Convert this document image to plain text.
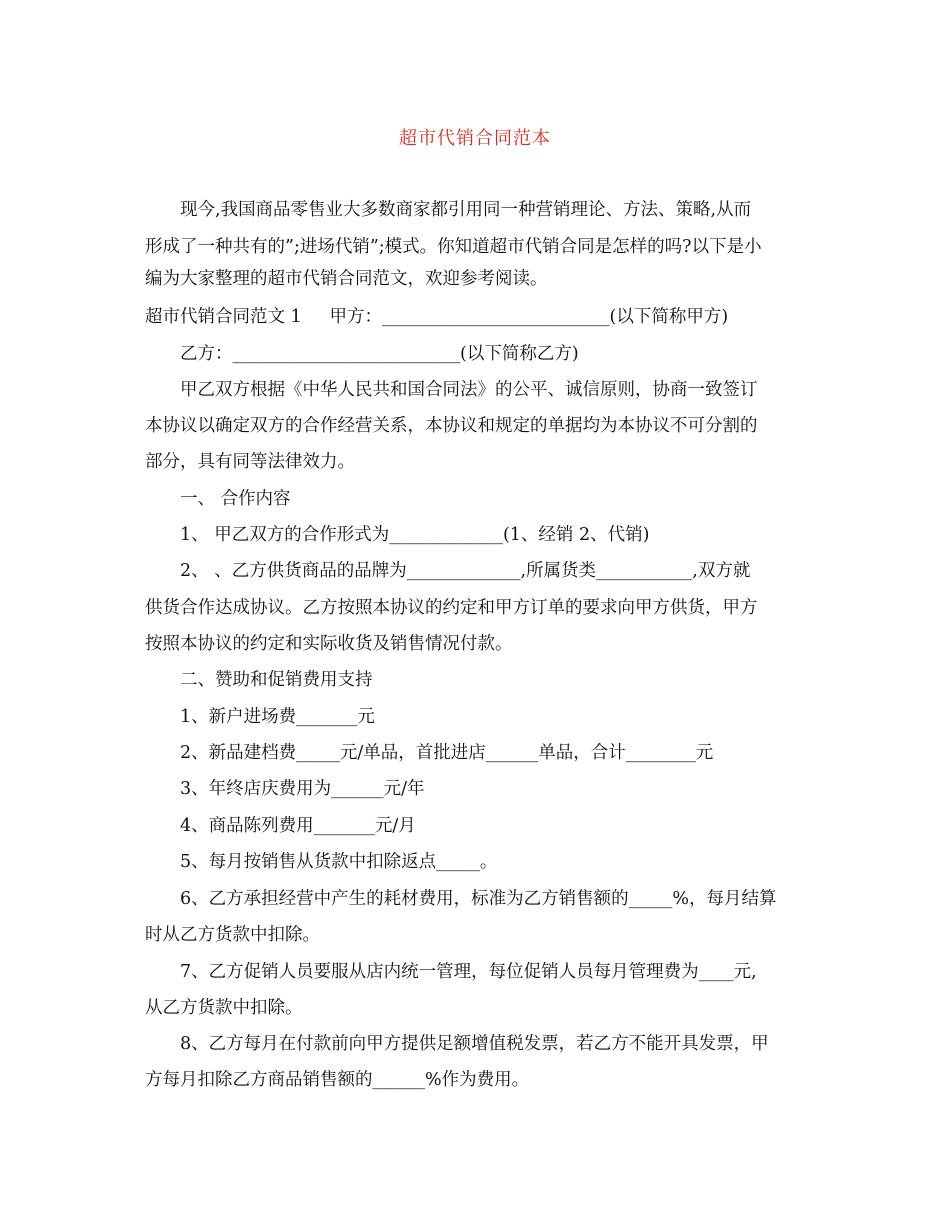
超市代销合同范本
现今,我国商品零售业大多数商家都引用同一种营销理论、方法、策略,从而
形成了一种共有的”;进场代销”;模式。你知道超市代销合同是怎样的吗?以下是小
编为大家整理的超市代销合同范文，欢迎参考阅读。
超市代销合同范文 1     甲方：__________________________(以下简称甲方)
乙方：__________________________(以下简称乙方)
甲乙双方根据《中华人民共和国合同法》的公平、诚信原则，协商一致签订
本协议以确定双方的合作经营关系，本协议和规定的单据均为本协议不可分割的
部分，具有同等法律效力。
一、 合作内容
1、 甲乙双方的合作形式为_____________(1、经销 2、代销)
2、 、乙方供货商品的品牌为_____________,所属货类___________,双方就
供货合作达成协议。乙方按照本协议的约定和甲方订单的要求向甲方供货，甲方
按照本协议的约定和实际收货及销售情况付款。
二、赞助和促销费用支持
1、新户进场费_______元
2、新品建档费_____元/单品，首批进店______单品，合计________元
3、年终店庆费用为______元/年
4、商品陈列费用_______元/月
5、每月按销售从货款中扣除返点_____。
6、乙方承担经营中产生的耗材费用，标准为乙方销售额的_____%，每月结算
时从乙方货款中扣除。
7、乙方促销人员要服从店内统一管理，每位促销人员每月管理费为____元,
从乙方货款中扣除。
8、乙方每月在付款前向甲方提供足额增值税发票，若乙方不能开具发票，甲
方每月扣除乙方商品销售额的______%作为费用。
